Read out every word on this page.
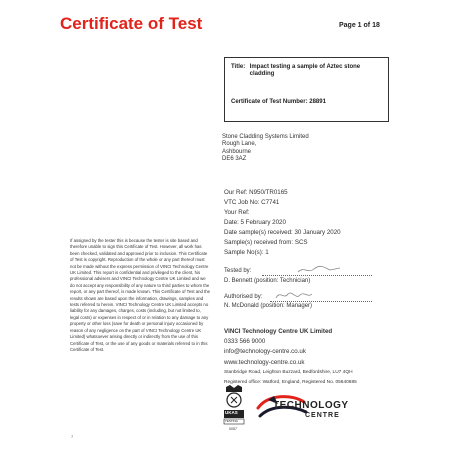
Certificate of Test	Page 1 of 18
Title: Impact testing a sample of Aztec stone cladding
Certificate of Test Number: 28891
Stone Cladding Systems Limited
Rough Lane,
Ashbourne
DE6 3AZ
Our Ref: N950/TR0165
VTC Job No: C7741
Your Ref:
Date: 5 February 2020
Date sample(s) received: 30 January 2020
Sample(s) received from: SCS
Sample No(s): 1
Tested by:
D. Bennett (position: Technician)
Authorised by:
N. McDonald (position: Manager)
If assigned by the tester this is because the tester is site based and therefore unable to sign this Certificate of Test. However, all work has been checked, validated and approved prior to inclusion. This Certificate of Test is copyright. Reproduction of the whole or any part thereof must not be made without the express permission of VINCI Technology Centre UK Limited. This report is confidential and privileged to the client, his professional advisers and VINCI Technology Centre UK Limited and we do not accept any responsibility of any nature to third parties to whom the report, or any part thereof, is made known. This Certificate of Test and the results shown are based upon the information, drawings, samples and tests referred to herein. VINCI Technology Centre UK Limited accepts no liability for any damages, charges, costs (including, but not limited to, legal costs) or expenses in respect of or in relation to any damage to any property or other loss (save for death or personal injury occasioned by reason of any negligence on the part of VINCI Technology Centre UK Limited) whatsoever arising directly or indirectly from the use of this Certificate of Test, or the use of any goods or materials referred to in this Certificate of Test.
VINCI Technology Centre UK Limited
0333 566 9000
info@technology-centre.co.uk
www.technology-centre.co.uk
Stanbridge Road, Leighton Buzzard, Bedfordshire, LU7 4QH
Registered office: Watford, England, Registered No. 05640685
UKAS
TESTING
0057
TECHNOLOGY
CENTRE
7
